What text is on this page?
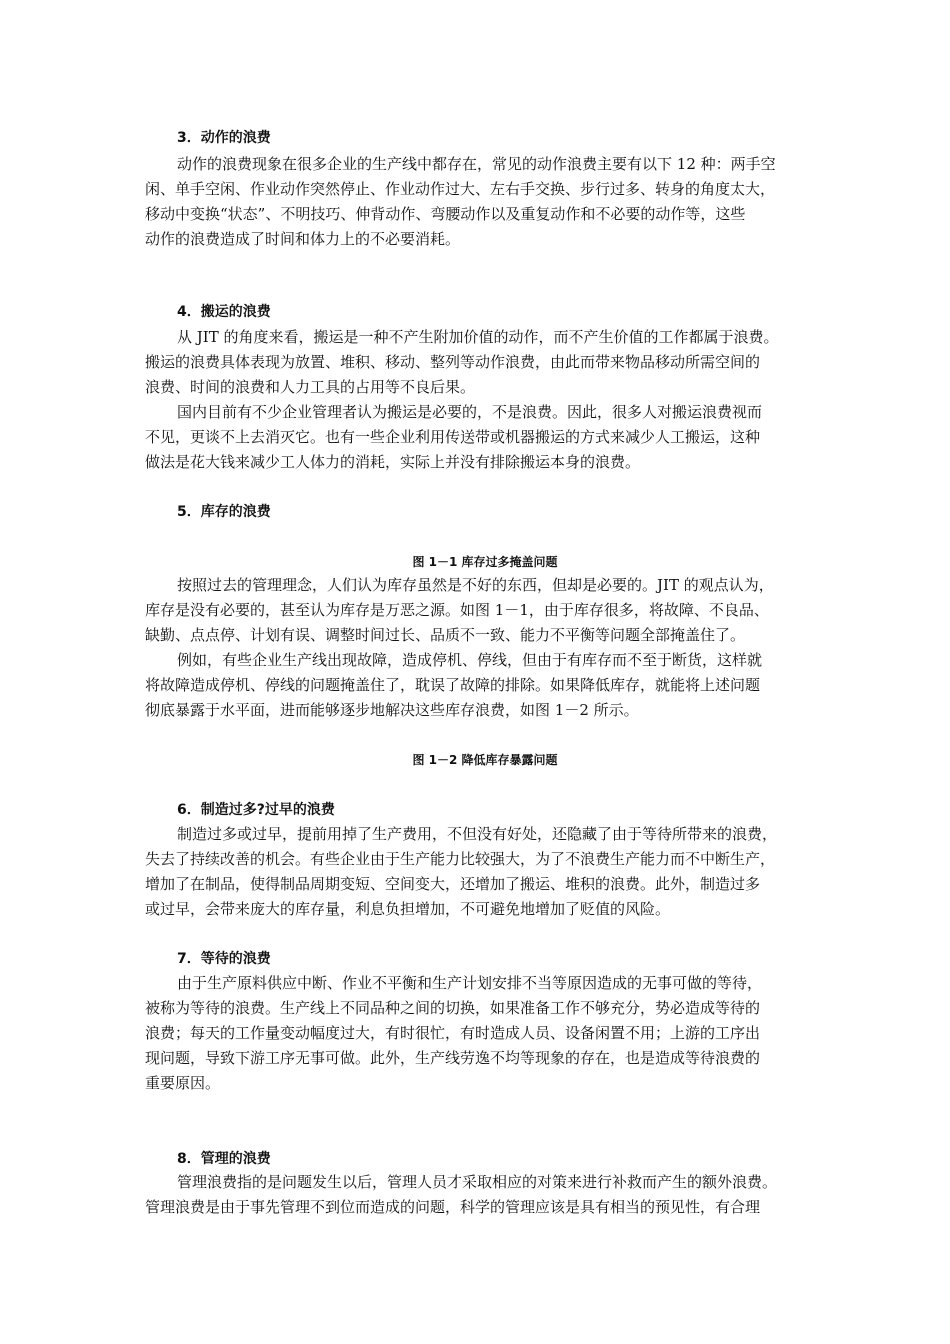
3．动作的浪费
动作的浪费现象在很多企业的生产线中都存在，常见的动作浪费主要有以下 12 种：两手空
闲、单手空闲、作业动作突然停止、作业动作过大、左右手交换、步行过多、转身的角度太大，
移动中变换“状态”、不明技巧、伸背动作、弯腰动作以及重复动作和不必要的动作等，这些
动作的浪费造成了时间和体力上的不必要消耗。
4．搬运的浪费
从 JIT 的角度来看，搬运是一种不产生附加价值的动作，而不产生价值的工作都属于浪费。
搬运的浪费具体表现为放置、堆积、移动、整列等动作浪费，由此而带来物品移动所需空间的
浪费、时间的浪费和人力工具的占用等不良后果。
国内目前有不少企业管理者认为搬运是必要的，不是浪费。因此，很多人对搬运浪费视而
不见，更谈不上去消灭它。也有一些企业利用传送带或机器搬运的方式来减少人工搬运，这种
做法是花大钱来减少工人体力的消耗，实际上并没有排除搬运本身的浪费。
5．库存的浪费
图 1－1 库存过多掩盖问题
按照过去的管理理念，人们认为库存虽然是不好的东西，但却是必要的。JIT 的观点认为，
库存是没有必要的，甚至认为库存是万恶之源。如图 1－1，由于库存很多，将故障、不良品、
缺勤、点点停、计划有误、调整时间过长、品质不一致、能力不平衡等问题全部掩盖住了。
例如，有些企业生产线出现故障，造成停机、停线，但由于有库存而不至于断货，这样就
将故障造成停机、停线的问题掩盖住了，耽误了故障的排除。如果降低库存，就能将上述问题
彻底暴露于水平面，进而能够逐步地解决这些库存浪费，如图 1－2 所示。
图 1－2 降低库存暴露问题
6．制造过多?过早的浪费
制造过多或过早，提前用掉了生产费用，不但没有好处，还隐藏了由于等待所带来的浪费，
失去了持续改善的机会。有些企业由于生产能力比较强大，为了不浪费生产能力而不中断生产，
增加了在制品，使得制品周期变短、空间变大，还增加了搬运、堆积的浪费。此外，制造过多
或过早，会带来庞大的库存量，利息负担增加，不可避免地增加了贬值的风险。
7．等待的浪费
由于生产原料供应中断、作业不平衡和生产计划安排不当等原因造成的无事可做的等待，
被称为等待的浪费。生产线上不同品种之间的切换，如果准备工作不够充分，势必造成等待的
浪费；每天的工作量变动幅度过大，有时很忙，有时造成人员、设备闲置不用；上游的工序出
现问题，导致下游工序无事可做。此外，生产线劳逸不均等现象的存在，也是造成等待浪费的
重要原因。
8．管理的浪费
管理浪费指的是问题发生以后，管理人员才采取相应的对策来进行补救而产生的额外浪费。
管理浪费是由于事先管理不到位而造成的问题，科学的管理应该是具有相当的预见性，有合理
